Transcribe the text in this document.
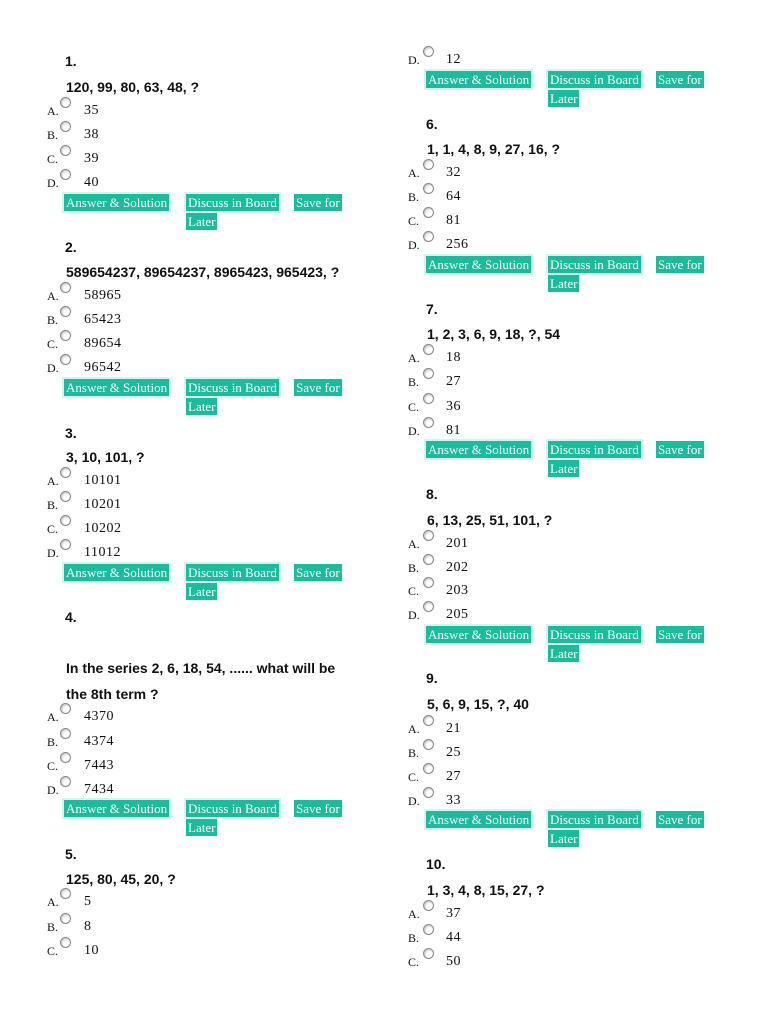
1.
120, 99, 80, 63, 48, ?
A. 35
B. 38
C. 39
D. 40
Answer & Solution Discuss in Board Save for
Later
2.
589654237, 89654237, 8965423, 965423, ?
A. 58965
B. 65423
C. 89654
D. 96542
Answer & Solution Discuss in Board Save for
Later
3.
3, 10, 101, ?
A. 10101
B. 10201
C. 10202
D. 11012
Answer & Solution Discuss in Board Save for
Later
4.
In the series 2, 6, 18, 54, ...... what will be
the 8th term ?
A. 4370
B. 4374
C. 7443
D. 7434
Answer & Solution Discuss in Board Save for
Later
5.
125, 80, 45, 20, ?
A. 5
B. 8
C. 10
D. 12
Answer & Solution Discuss in Board Save for
Later
6.
1, 1, 4, 8, 9, 27, 16, ?
A. 32
B. 64
C. 81
D. 256
Answer & Solution Discuss in Board Save for
Later
7.
1, 2, 3, 6, 9, 18, ?, 54
A. 18
B. 27
C. 36
D. 81
Answer & Solution Discuss in Board Save for
Later
8.
6, 13, 25, 51, 101, ?
A. 201
B. 202
C. 203
D. 205
Answer & Solution Discuss in Board Save for
Later
9.
5, 6, 9, 15, ?, 40
A. 21
B. 25
C. 27
D. 33
Answer & Solution Discuss in Board Save for
Later
10.
1, 3, 4, 8, 15, 27, ?
A. 37
B. 44
C. 50
